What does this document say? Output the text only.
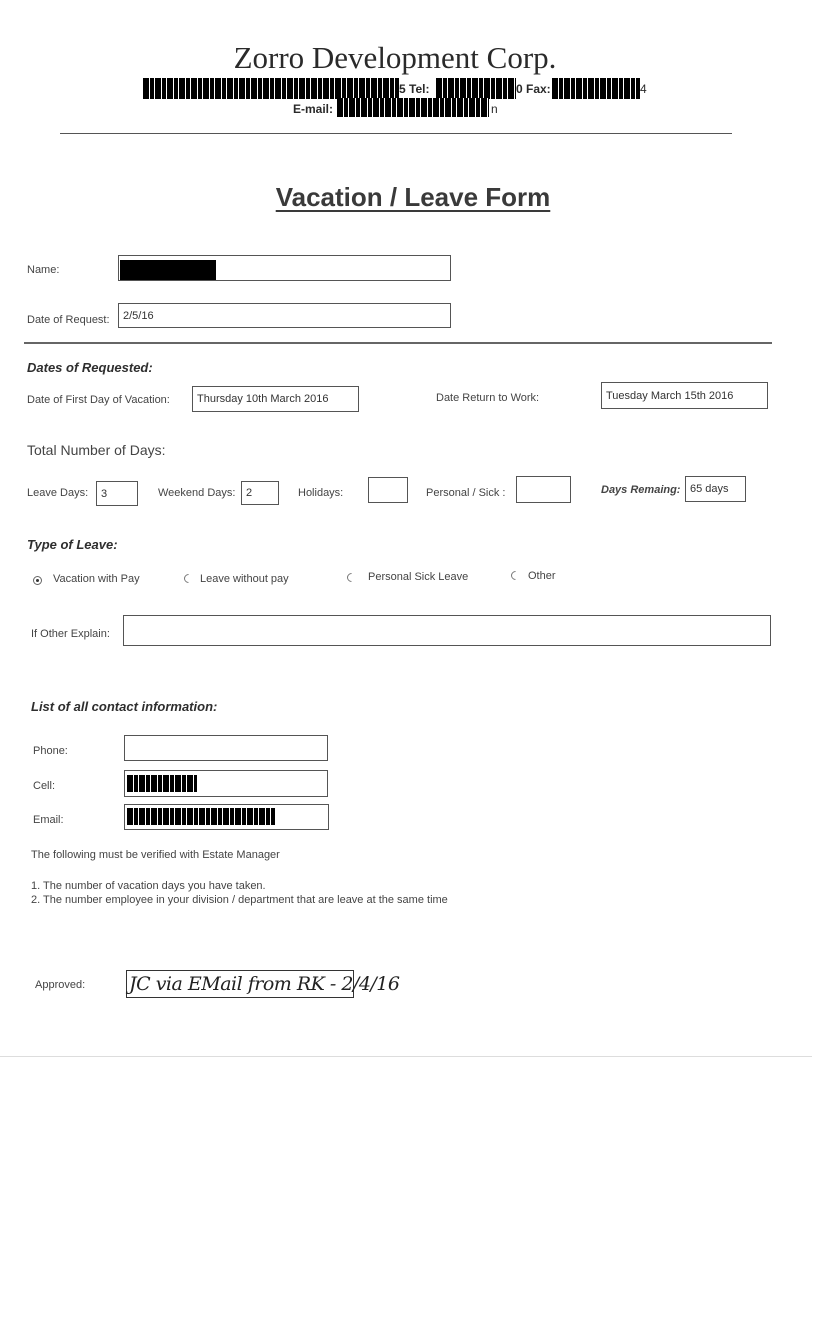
Zorro Development Corp.
5 Tel:	0 Fax:	4
E-mail:	n
Vacation / Leave Form
Name:
Date of Request:	2/5/16
Dates of Requested:
Date of First Day of Vacation:	Thursday 10th March 2016	Date Return to Work:	Tuesday March 15th 2016
Total Number of Days:
Leave Days:	3	Weekend Days: 2	Holidays:	Personal / Sick :	Days Remaing: 65 days
Type of Leave:
Vacation with Pay	Leave without pay	Personal Sick Leave	Other
If Other Explain:
List of all contact information:
Phone:
Cell:
Email:
The following must be verified with Estate Manager
1. The number of vacation days you have taken.
2. The number employee in your division / department that are leave at the same time
Approved: JC via EMail from RK - 2/4/16
